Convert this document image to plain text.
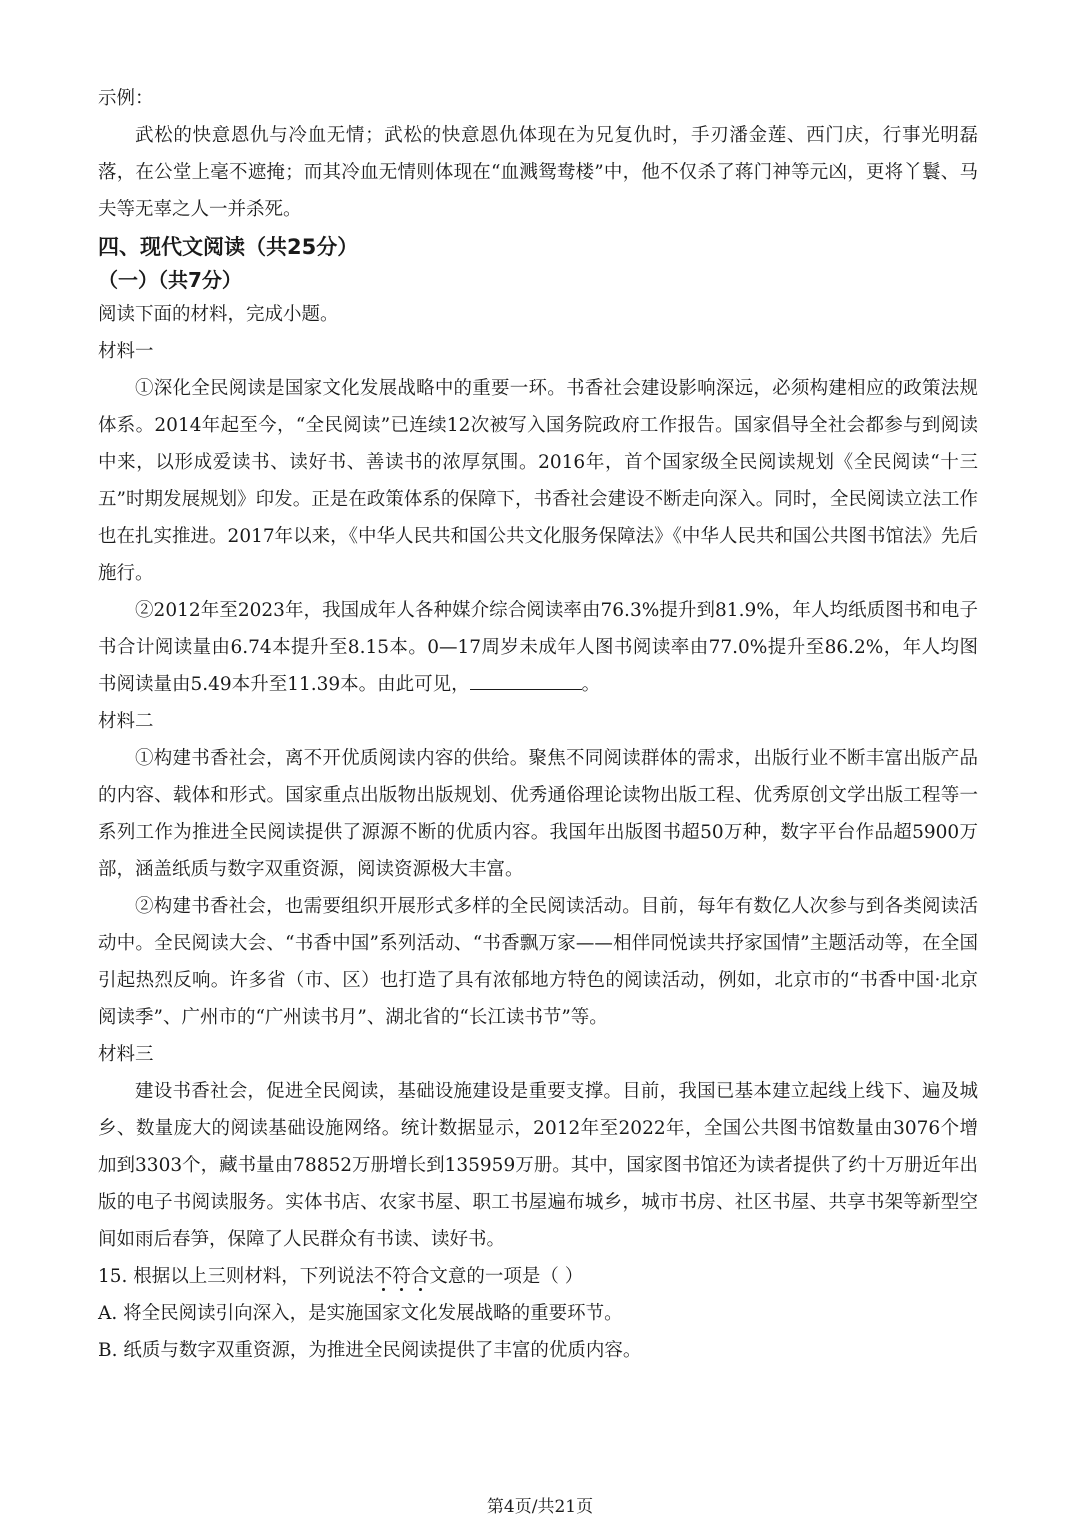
示例：

武松的快意恩仇与冷血无情；武松的快意恩仇体现在为兄复仇时，手刃潘金莲、西门庆，行事光明磊落，在公堂上毫不遮掩；而其冷血无情则体现在“血溅鸳鸯楼”中，他不仅杀了蒋门神等元凶，更将丫鬟、马夫等无辜之人一并杀死。

四、现代文阅读（共25分）

（一）（共7分）

阅读下面的材料，完成小题。

材料一

①深化全民阅读是国家文化发展战略中的重要一环。书香社会建设影响深远，必须构建相应的政策法规体系。2014年起至今，“全民阅读”已连续12次被写入国务院政府工作报告。国家倡导全社会都参与到阅读中来，以形成爱读书、读好书、善读书的浓厚氛围。2016年，首个国家级全民阅读规划《全民阅读“十三五”时期发展规划》印发。正是在政策体系的保障下，书香社会建设不断走向深入。同时，全民阅读立法工作也在扎实推进。2017年以来，《中华人民共和国公共文化服务保障法》《中华人民共和国公共图书馆法》先后施行。

②2012年至2023年，我国成年人各种媒介综合阅读率由76.3%提升到81.9%，年人均纸质图书和电子书合计阅读量由6.74本提升至8.15本。0—17周岁未成年人图书阅读率由77.0%提升至86.2%，年人均图书阅读量由5.49本升至11.39本。由此可见，	。

材料二

①构建书香社会，离不开优质阅读内容的供给。聚焦不同阅读群体的需求，出版行业不断丰富出版产品的内容、载体和形式。国家重点出版物出版规划、优秀通俗理论读物出版工程、优秀原创文学出版工程等一系列工作为推进全民阅读提供了源源不断的优质内容。我国年出版图书超50万种，数字平台作品超5900万部，涵盖纸质与数字双重资源，阅读资源极大丰富。

②构建书香社会，也需要组织开展形式多样的全民阅读活动。目前，每年有数亿人次参与到各类阅读活动中。全民阅读大会、“书香中国”系列活动、“书香飘万家——相伴同悦读共抒家国情”主题活动等，在全国引起热烈反响。许多省（市、区）也打造了具有浓郁地方特色的阅读活动，例如，北京市的“书香中国·北京阅读季”、广州市的“广州读书月”、湖北省的“长江读书节”等。

材料三

建设书香社会，促进全民阅读，基础设施建设是重要支撑。目前，我国已基本建立起线上线下、遍及城乡、数量庞大的阅读基础设施网络。统计数据显示，2012年至2022年，全国公共图书馆数量由3076个增加到3303个，藏书量由78852万册增长到135959万册。其中，国家图书馆还为读者提供了约十万册近年出版的电子书阅读服务。实体书店、农家书屋、职工书屋遍布城乡，城市书房、社区书屋、共享书架等新型空间如雨后春笋，保障了人民群众有书读、读好书。

15. 根据以上三则材料，下列说法不符合文意的一项是（ ）

A. 将全民阅读引向深入，是实施国家文化发展战略的重要环节。

B. 纸质与数字双重资源，为推进全民阅读提供了丰富的优质内容。

第4页/共21页
